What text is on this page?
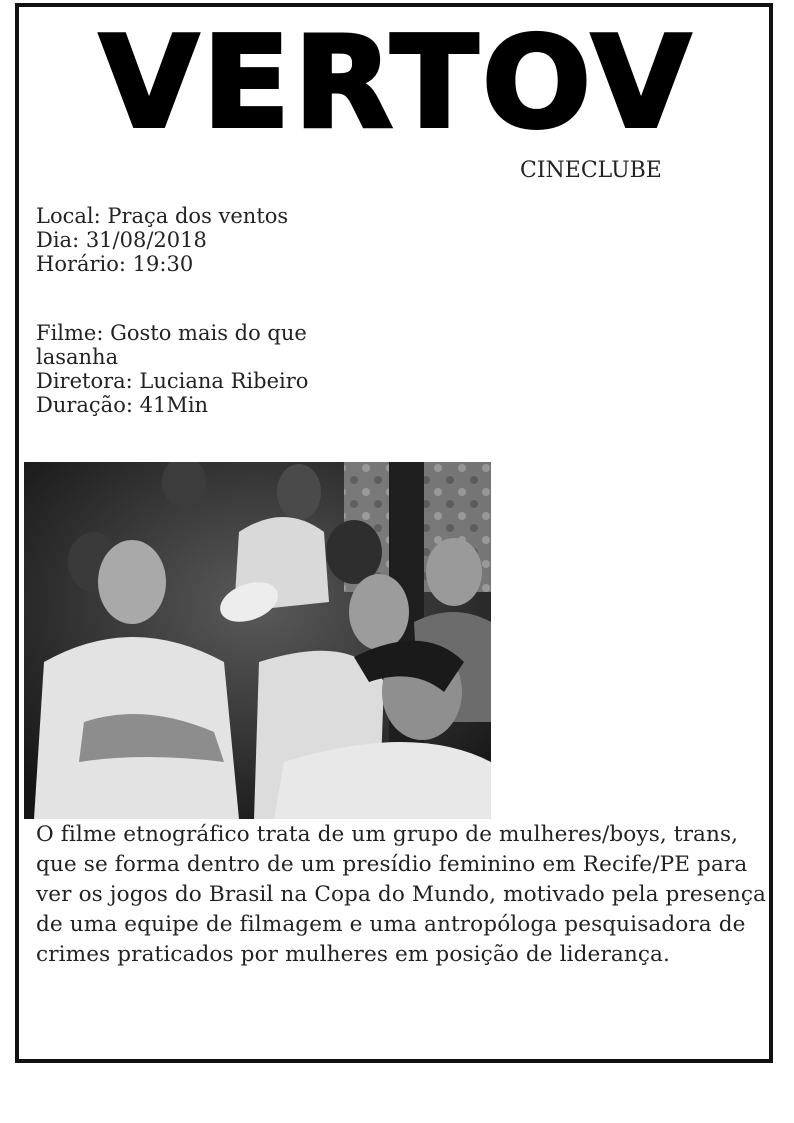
VERTOV
CINECLUBE
Local: Praça dos ventos
Dia: 31/08/2018
Horário: 19:30
Filme: Gosto mais do que
lasanha
Diretora: Luciana Ribeiro
Duração: 41Min
O filme etnográfico trata de um grupo de mulheres/boys, trans,
que se forma dentro de um presídio feminino em Recife/PE para
ver os jogos do Brasil na Copa do Mundo, motivado pela presença
de uma equipe de filmagem e uma antropóloga pesquisadora de
crimes praticados por mulheres em posição de liderança.
